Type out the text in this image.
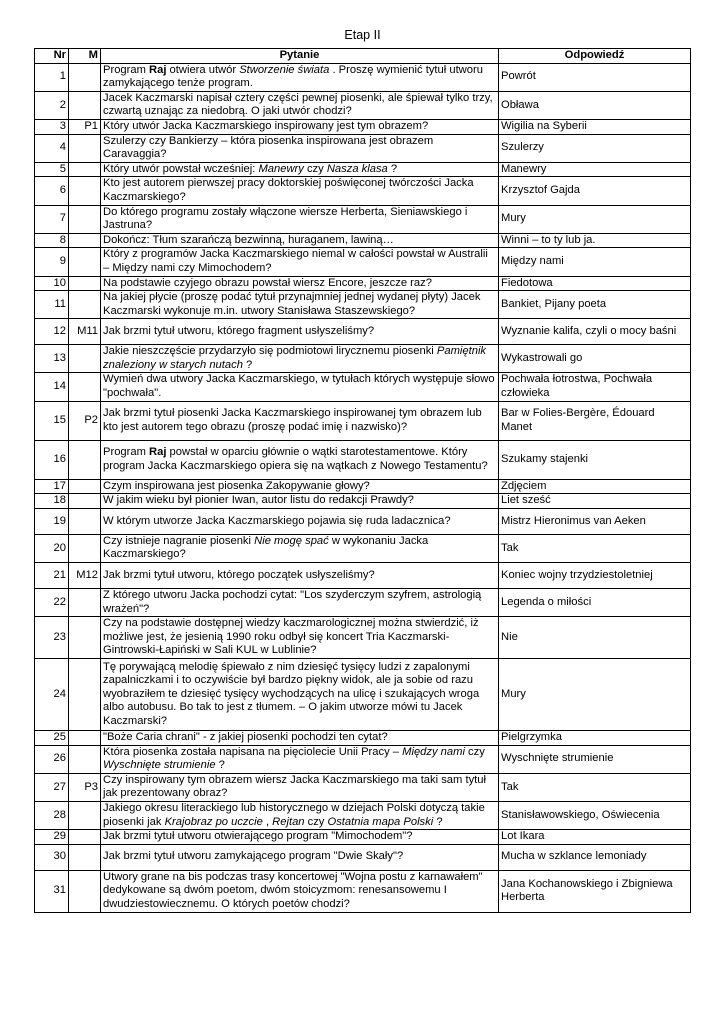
Etap II
Nr	M	Pytanie	Odpowiedź
1		Program Raj otwiera utwór Stworzenie świata . Proszę wymienić tytuł utworu zamykającego tenże program.	Powrót
2		Jacek Kaczmarski napisał cztery części pewnej piosenki, ale śpiewał tylko trzy, czwartą uznając za niedobrą. O jaki utwór chodzi?	Obława
3	P1	Który utwór Jacka Kaczmarskiego inspirowany jest tym obrazem?	Wigilia na Syberii
4		Szulerzy czy Bankierzy – która piosenka inspirowana jest obrazem Caravaggia?	Szulerzy
5		Który utwór powstał wcześniej: Manewry czy Nasza klasa ?	Manewry
6		Kto jest autorem pierwszej pracy doktorskiej poświęconej twórczości Jacka Kaczmarskiego?	Krzysztof Gajda
7		Do którego programu zostały włączone wiersze Herberta, Sieniawskiego i Jastruna?	Mury
8		Dokończ: Tłum szarańczą bezwinną, huraganem, lawiną…	Winni – to ty lub ja.
9		Który z programów Jacka Kaczmarskiego niemal w całości powstał w Australii – Między nami czy Mimochodem?	Między nami
10		Na podstawie czyjego obrazu powstał wiersz Encore, jeszcze raz?	Fiedotowa
11		Na jakiej płycie (proszę podać tytuł przynajmniej jednej wydanej płyty) Jacek Kaczmarski wykonuje m.in. utwory Stanisława Staszewskiego?	Bankiet, Pijany poeta
12	M11	Jak brzmi tytuł utworu, którego fragment usłyszeliśmy?	Wyznanie kalifa, czyli o mocy baśni
13		Jakie nieszczęście przydarzyło się podmiotowi lirycznemu piosenki Pamiętnik znaleziony w starych nutach ?	Wykastrowali go
14		Wymień dwa utwory Jacka Kaczmarskiego, w tytułach których występuje słowo "pochwała".	Pochwała łotrostwa, Pochwała człowieka
15	P2	Jak brzmi tytuł piosenki Jacka Kaczmarskiego inspirowanej tym obrazem lub kto jest autorem tego obrazu (proszę podać imię i nazwisko)?	Bar w Folies-Bergère, Édouard Manet
16		Program Raj powstał w oparciu głównie o wątki starotestamentowe. Który program Jacka Kaczmarskiego opiera się na wątkach z Nowego Testamentu?	Szukamy stajenki
17		Czym inspirowana jest piosenka Zakopywanie głowy?	Zdjęciem
18		W jakim wieku był pionier Iwan, autor listu do redakcji Prawdy?	Liet sześć
19		W którym utworze Jacka Kaczmarskiego pojawia się ruda ladacznica?	Mistrz Hieronimus van Aeken
20		Czy istnieje nagranie piosenki Nie mogę spać w wykonaniu Jacka Kaczmarskiego?	Tak
21	M12	Jak brzmi tytuł utworu, którego początek usłyszeliśmy?	Koniec wojny trzydziestoletniej
22		Z którego utworu Jacka pochodzi cytat: "Los szyderczym szyfrem, astrologią wrażeń"?	Legenda o miłości
23		Czy na podstawie dostępnej wiedzy kaczmarologicznej można stwierdzić, iż możliwe jest, że jesienią 1990 roku odbył się koncert Tria Kaczmarski-Gintrowski-Łapiński w Sali KUL w Lublinie?	Nie
24		Tę porywającą melodię śpiewało z nim dziesięć tysięcy ludzi z zapalonymi zapalniczkami i to oczywiście był bardzo piękny widok, ale ja sobie od razu wyobraziłem te dziesięć tysięcy wychodzących na ulicę i szukających wroga albo autobusu. Bo tak to jest z tłumem. – O jakim utworze mówi tu Jacek Kaczmarski?	Mury
25		"Boże Caria chrani" - z jakiej piosenki pochodzi ten cytat?	Pielgrzymka
26		Która piosenka została napisana na pięciolecie Unii Pracy – Między nami czy Wyschnięte strumienie ?	Wyschnięte strumienie
27	P3	Czy inspirowany tym obrazem wiersz Jacka Kaczmarskiego ma taki sam tytuł jak prezentowany obraz?	Tak
28		Jakiego okresu literackiego lub historycznego w dziejach Polski dotyczą takie piosenki jak Krajobraz po uczcie , Rejtan czy Ostatnia mapa Polski ?	Stanisławowskiego, Oświecenia
29		Jak brzmi tytuł utworu otwierającego program "Mimochodem"?	Lot Ikara
30		Jak brzmi tytuł utworu zamykającego program "Dwie Skały"?	Mucha w szklance lemoniady
31		Utwory grane na bis podczas trasy koncertowej "Wojna postu z karnawałem" dedykowane są dwóm poetom, dwóm stoicyzmom: renesansowemu I dwudziestowiecznemu. O których poetów chodzi?	Jana Kochanowskiego i Zbigniewa Herberta
